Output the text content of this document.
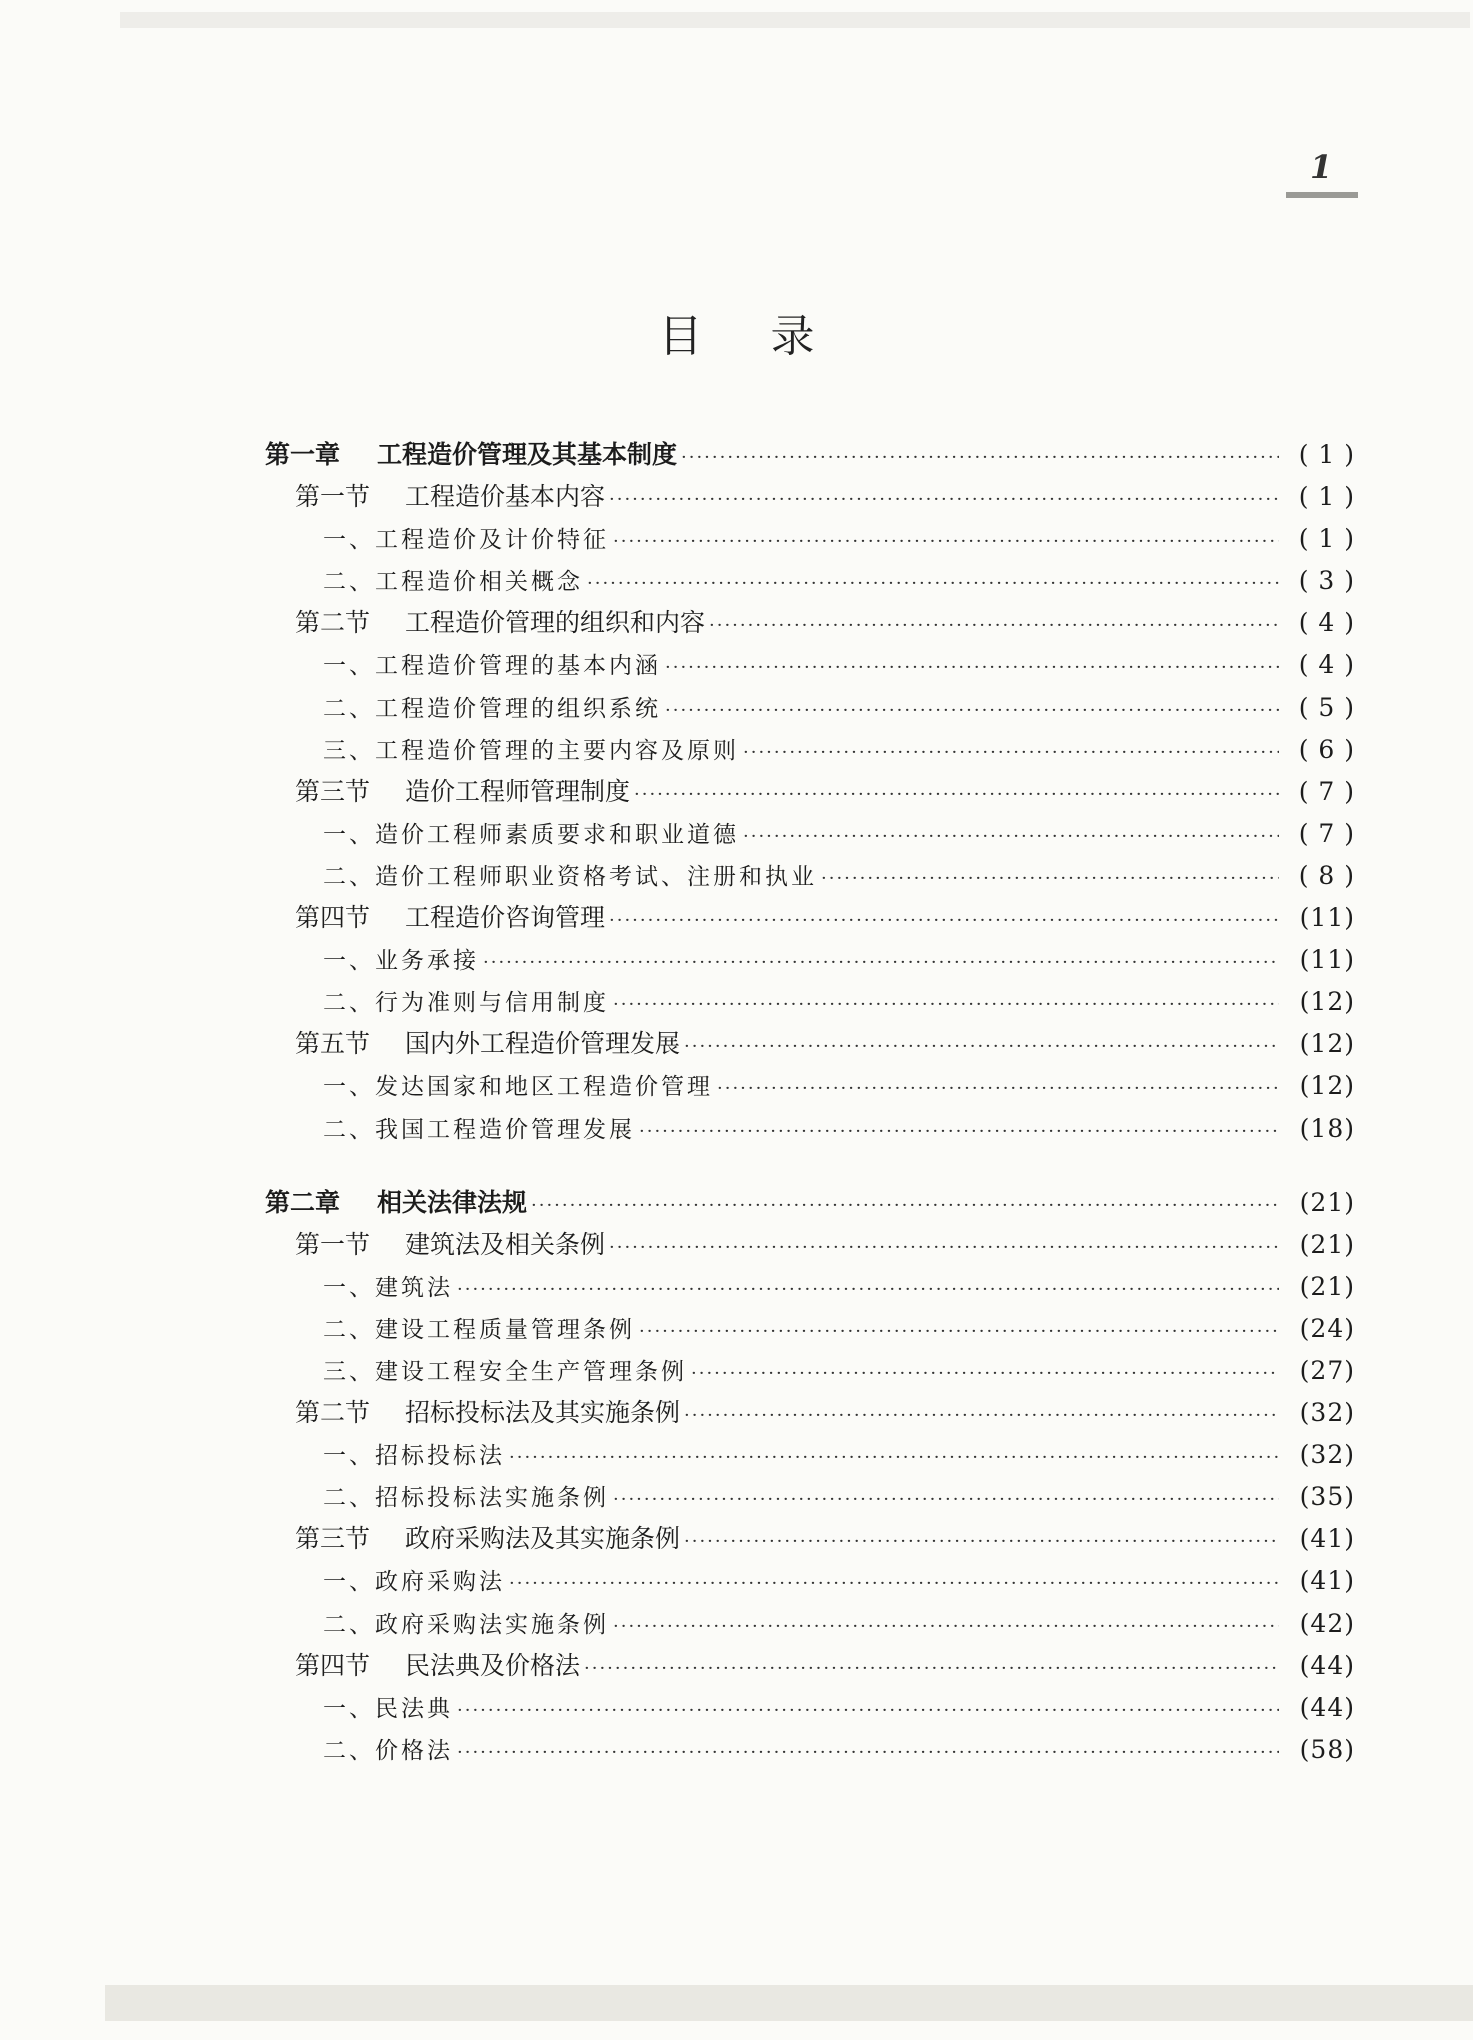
1
目录
第一章 工程造价管理及其基本制度 ·····	( 1 )
第一节 工程造价基本内容 ·····	( 1 )
一、工程造价及计价特征 ·····	( 1 )
二、工程造价相关概念 ·····	( 3 )
第二节 工程造价管理的组织和内容 ·····	( 4 )
一、工程造价管理的基本内涵 ·····	( 4 )
二、工程造价管理的组织系统 ·····	( 5 )
三、工程造价管理的主要内容及原则 ·····	( 6 )
第三节 造价工程师管理制度 ·····	( 7 )
一、造价工程师素质要求和职业道德 ·····	( 7 )
二、造价工程师职业资格考试、注册和执业 ·····	( 8 )
第四节 工程造价咨询管理 ·····	(11)
一、业务承接 ·····	(11)
二、行为准则与信用制度 ·····	(12)
第五节 国内外工程造价管理发展 ·····	(12)
一、发达国家和地区工程造价管理 ·····	(12)
二、我国工程造价管理发展 ·····	(18)
第二章 相关法律法规 ·····	(21)
第一节 建筑法及相关条例 ·····	(21)
一、建筑法 ·····	(21)
二、建设工程质量管理条例 ·····	(24)
三、建设工程安全生产管理条例 ·····	(27)
第二节 招标投标法及其实施条例 ·····	(32)
一、招标投标法 ·····	(32)
二、招标投标法实施条例 ·····	(35)
第三节 政府采购法及其实施条例 ·····	(41)
一、政府采购法 ·····	(41)
二、政府采购法实施条例 ·····	(42)
第四节 民法典及价格法 ·····	(44)
一、民法典 ·····	(44)
二、价格法 ·····	(58)
